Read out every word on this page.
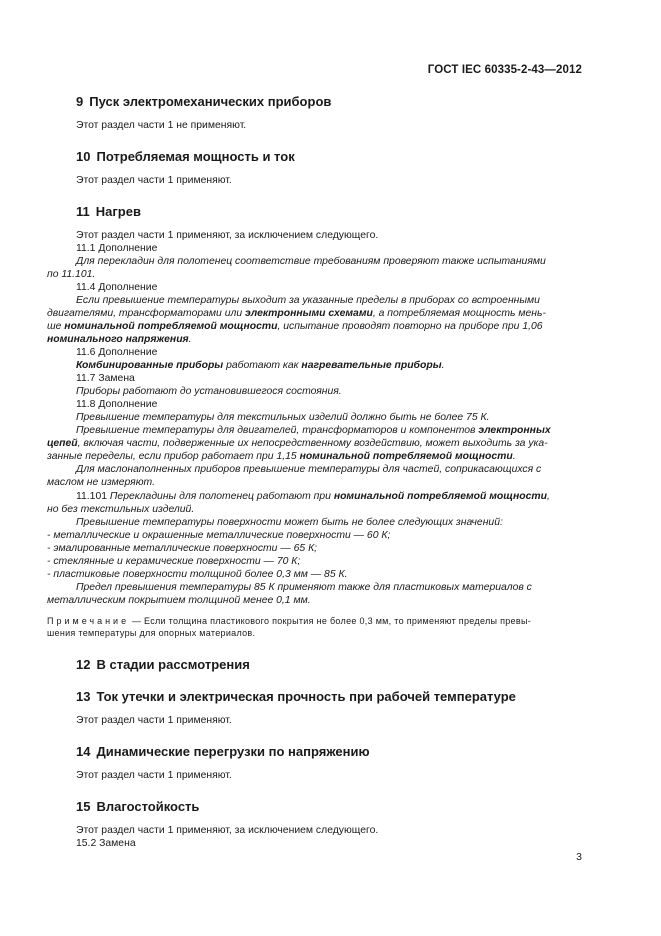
ГОСТ IEC 60335-2-43—2012
9 Пуск электромеханических приборов

Этот раздел части 1 не применяют.

10 Потребляемая мощность и ток

Этот раздел части 1 применяют.

11 Нагрев

Этот раздел части 1 применяют, за исключением следующего.

11.1 Дополнение

Для перекладин для полотенец соответствие требованиям проверяют также испытаниями
по 11.101.

11.4 Дополнение

Если превышение температуры выходит за указанные пределы в приборах со встроенными
двигателями, трансформаторами или электронными схемами, а потребляемая мощность мень-
ше номинальной потребляемой мощности, испытание проводят повторно на приборе при 1,06
номинального напряжения.

11.6 Дополнение

Комбинированные приборы работают как нагревательные приборы.

11.7 Замена

Приборы работают до установившегося состояния.

11.8 Дополнение

Превышение температуры для текстильных изделий должно быть не более 75 К.

Превышение температуры для двигателей, трансформаторов и компонентов электронных
цепей, включая части, подверженные их непосредственному воздействию, может выходить за ука-
занные переделы, если прибор работает при 1,15 номинальной потребляемой мощности.

Для маслонаполненных приборов превышение температуры для частей, соприкасающихся с
маслом не измеряют.

11.101 Перекладины для полотенец работают при номинальной потребляемой мощности,
но без текстильных изделий.

Превышение температуры поверхности может быть не более следующих значений:

- металлические и окрашенные металлические поверхности — 60 К;

- эмалированные металлические поверхности — 65 К;

- стеклянные и керамические поверхности — 70 К;

- пластиковые поверхности толщиной более 0,3 мм — 85 К.

Предел превышения температуры 85 К применяют также для пластиковых материалов с
металлическим покрытием толщиной менее 0,1 мм.

Примечание — Если толщина пластикового покрытия не более 0,3 мм, то применяют пределы превы-
шения температуры для опорных материалов.

12 В стадии рассмотрения
13 Ток утечки и электрическая прочность при рабочей температуре

Этот раздел части 1 применяют.

14 Динамические перегрузки по напряжению

Этот раздел части 1 применяют.

15 Влагостойкость

Этот раздел части 1 применяют, за исключением следующего.

15.2 Замена

3
